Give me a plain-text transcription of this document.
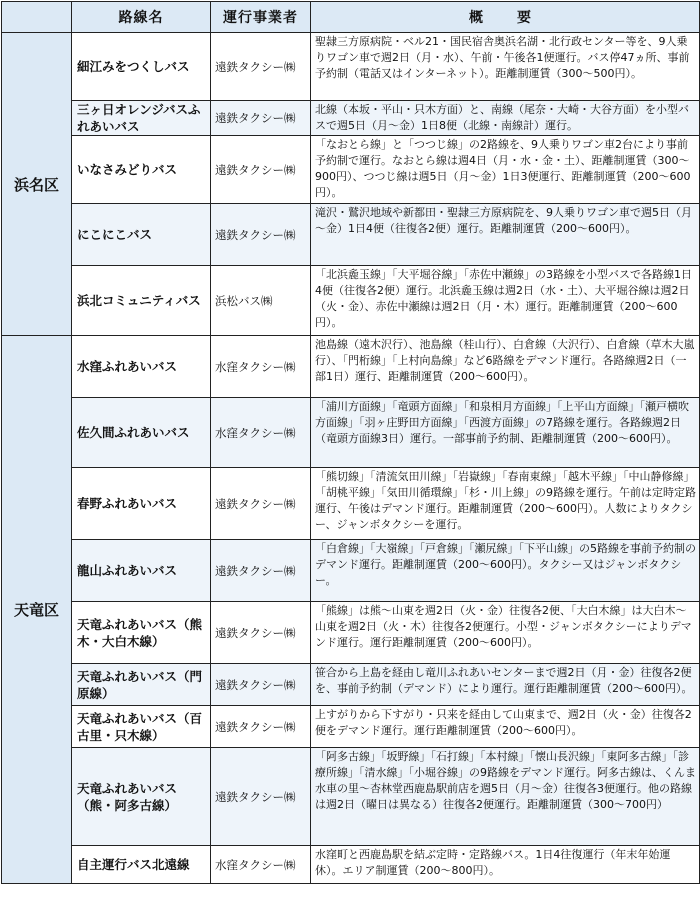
	路線名	運行事業者	概　要
浜名区	細江みをつくしバス	遠鉄タクシー㈱	聖隷三方原病院・ベル21・国民宿舎奥浜名湖・北行政センター等を、9人乗りワゴン車で週2日（月・水）、午前・午後各1便運行。バス停47ヵ所、事前予約制（電話又はインターネット）。距離制運賃（300～500円）。
	三ヶ日オレンジバスふれあいバス	遠鉄タクシー㈱	北線（本坂・平山・只木方面）と、南線（尾奈・大崎・大谷方面）を小型バスで週5日（月～金）1日8便（北線・南線計）運行。
	いなさみどりバス	遠鉄タクシー㈱	「なおとら線」と「つつじ線」の2路線を、9人乗りワゴン車2台により事前予約制で運行。なおとら線は週4日（月・水・金・土）、距離制運賃（300～900円）、つつじ線は週5日（月～金）1日3便運行、距離制運賃（200～600円）。
	にこにこバス	遠鉄タクシー㈱	滝沢・鷲沢地域や新都田・聖隷三方原病院を、9人乗りワゴン車で週5日（月～金）1日4便（往復各2便）運行。距離制運賃（200～600円）。
	浜北コミュニティバス	浜松バス㈱	「北浜麁玉線」「大平堀谷線」「赤佐中瀬線」の3路線を小型バスで各路線1日4便（往復各2便）運行。北浜麁玉線は週2日（水・土）、大平堀谷線は週2日（火・金）、赤佐中瀬線は週2日（月・木）運行。距離制運賃（200～600円）。
天竜区	水窪ふれあいバス	水窪タクシー㈱	池島線（遠木沢行）、池島線（桂山行）、白倉線（大沢行）、白倉線（草木大嵐行）、「門桁線」「上村向島線」など6路線をデマンド運行。各路線週2日（一部1日）運行、距離制運賃（200～600円）。
	佐久間ふれあいバス	水窪タクシー㈱	「浦川方面線」「竜頭方面線」「和泉相月方面線」「上平山方面線」「瀬戸横吹方面線」「羽ヶ庄野田方面線」「西渡方面線」の7路線を運行。各路線週2日（竜頭方面線3日）運行。一部事前予約制、距離制運賃（200～600円）。
	春野ふれあいバス	遠鉄タクシー㈱	「熊切線」「清流気田川線」「岩嶽線」「春南東線」「越木平線」「中山静修線」「胡桃平線」「気田川循環線」「杉・川上線」の9路線を運行。午前は定時定路運行、午後はデマンド運行。距離制運賃（200～600円）。人数によりタクシー、ジャンボタクシーを運行。
	龍山ふれあいバス	遠鉄タクシー㈱	「白倉線」「大嶺線」「戸倉線」「瀬尻線」「下平山線」の5路線を事前予約制のデマンド運行。距離制運賃（200～600円）。タクシー又はジャンボタクシー。
	天竜ふれあいバス（熊木・大白木線）	遠鉄タクシー㈱	「熊線」は熊～山東を週2日（火・金）往復各2便、「大白木線」は大白木～山東を週2日（火・木）往復各2便運行。小型・ジャンボタクシーによりデマンド運行。運行距離制運賃（200～600円）。
	天竜ふれあいバス（門原線）	遠鉄タクシー㈱	笹合から上島を経由し竜川ふれあいセンターまで週2日（月・金）往復各2便を、事前予約制（デマンド）により運行。運行距離制運賃（200～600円）。
	天竜ふれあいバス（百古里・只木線）	遠鉄タクシー㈱	上すがりから下すがり・只来を経由して山東まで、週2日（火・金）往復各2便をデマンド運行。運行距離制運賃（200～600円）。
	天竜ふれあいバス（熊・阿多古線）	遠鉄タクシー㈱	「阿多古線」「坂野線」「石打線」「本村線」「懐山長沢線」「東阿多古線」「診療所線」「清水線」「小堀谷線」の9路線をデマンド運行。阿多古線は、くんま水車の里～杏林堂西鹿島駅前店を週5日（月～金）往復各3便運行。他の路線は週2日（曜日は異なる）往復各2便運行。距離制運賃（300～700円）
	自主運行バス北遠線	水窪タクシー㈱	水窪町と西鹿島駅を結ぶ定時・定路線バス。1日4往復運行（年末年始運休）。エリア制運賃（200～800円）。
